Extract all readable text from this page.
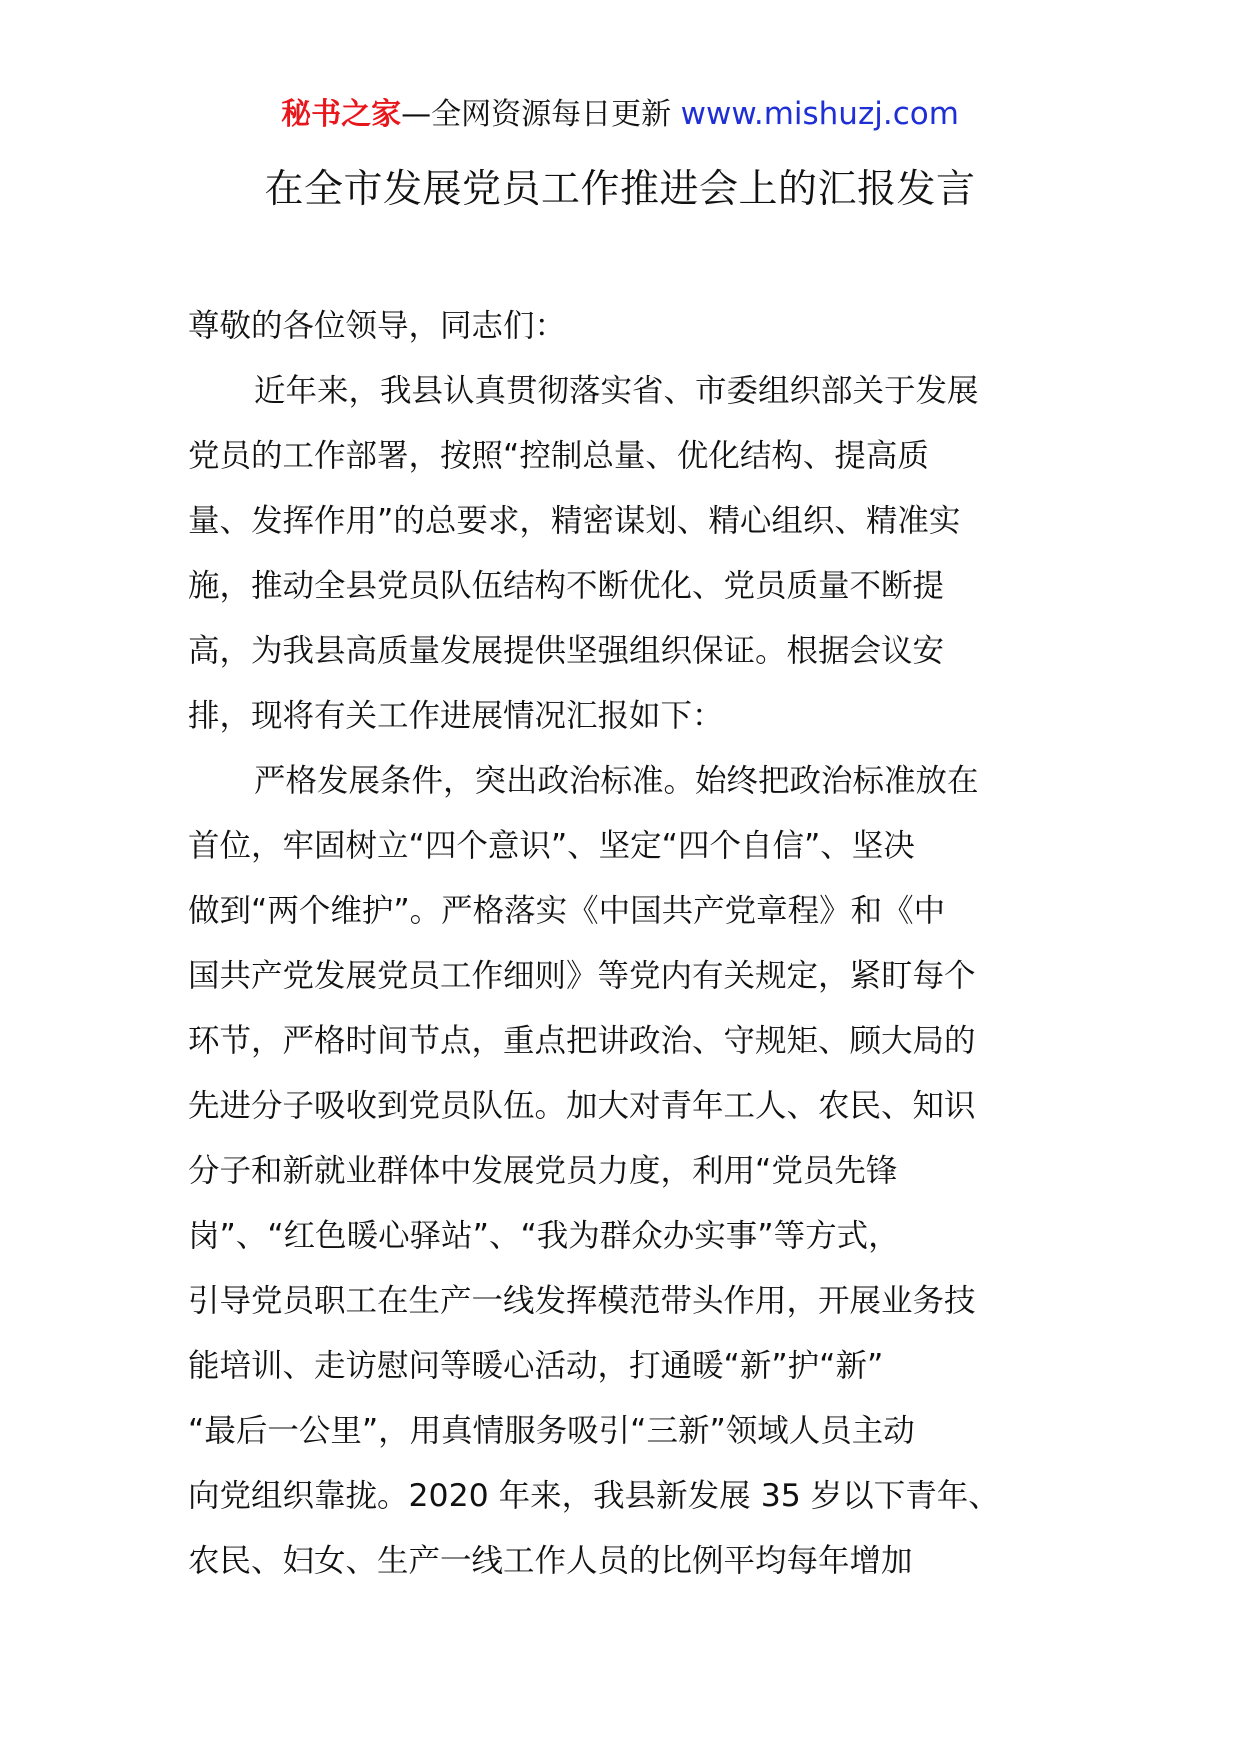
秘书之家—全网资源每日更新 www.mishuzj.com
在全市发展党员工作推进会上的汇报发言
尊敬的各位领导，同志们：
近年来，我县认真贯彻落实省、市委组织部关于发展
党员的工作部署，按照“控制总量、优化结构、提高质
量、发挥作用”的总要求，精密谋划、精心组织、精准实
施，推动全县党员队伍结构不断优化、党员质量不断提
高，为我县高质量发展提供坚强组织保证。根据会议安
排，现将有关工作进展情况汇报如下：
严格发展条件，突出政治标准。始终把政治标准放在
首位，牢固树立“四个意识”、坚定“四个自信”、坚决
做到“两个维护”。严格落实《中国共产党章程》和《中
国共产党发展党员工作细则》等党内有关规定，紧盯每个
环节，严格时间节点，重点把讲政治、守规矩、顾大局的
先进分子吸收到党员队伍。加大对青年工人、农民、知识
分子和新就业群体中发展党员力度，利用“党员先锋
岗”、“红色暖心驿站”、“我为群众办实事”等方式，
引导党员职工在生产一线发挥模范带头作用，开展业务技
能培训、走访慰问等暖心活动，打通暖“新”护“新”
“最后一公里”，用真情服务吸引“三新”领域人员主动
向党组织靠拢。2020 年来，我县新发展 35 岁以下青年、
农民、妇女、生产一线工作人员的比例平均每年增加
